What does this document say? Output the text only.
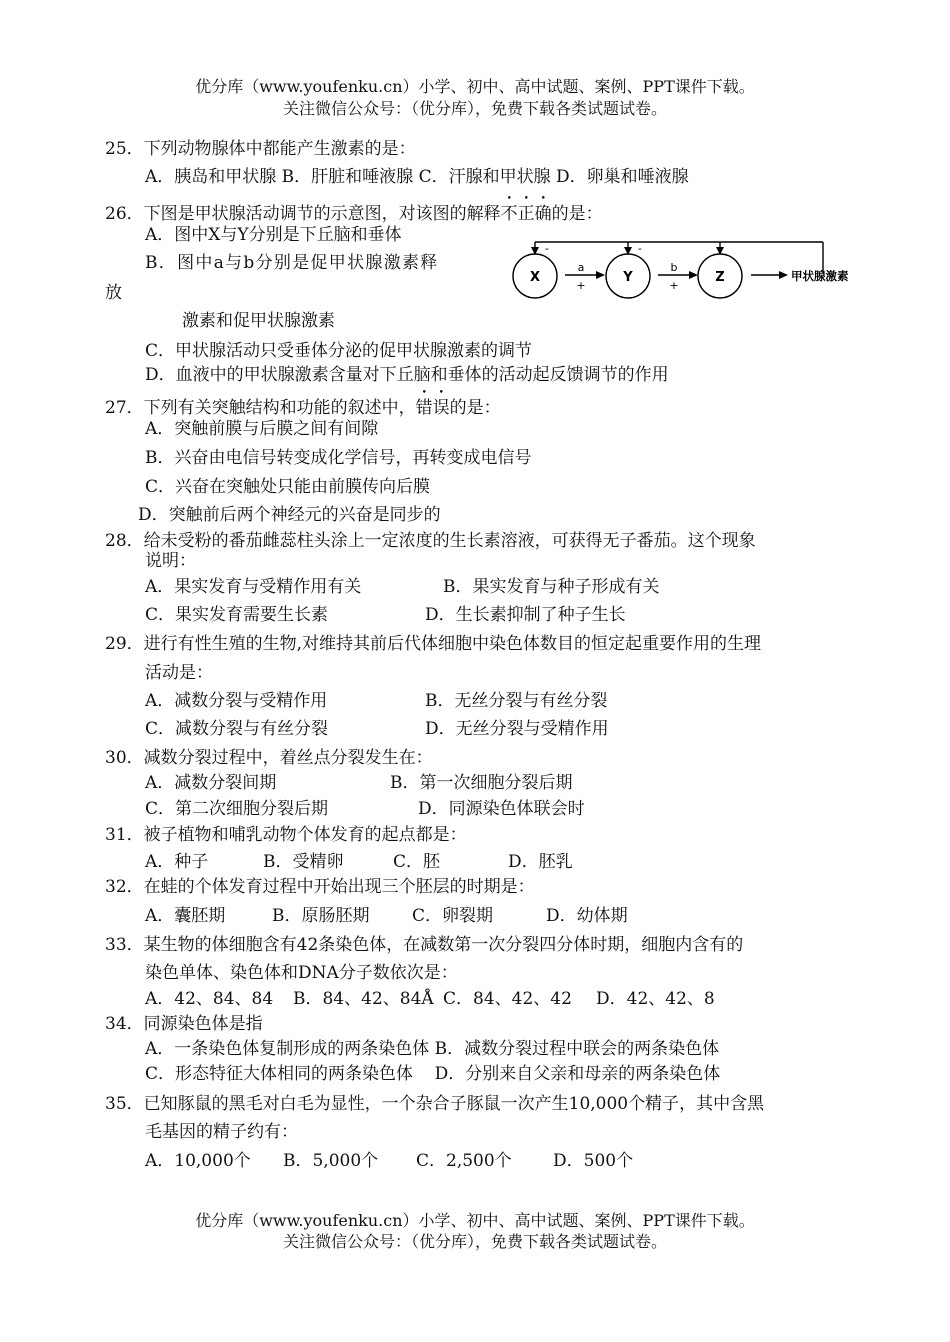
优分库（www.youfenku.cn）小学、初中、高中试题、案例、PPT课件下载。
关注微信公众号：（优分库），免费下载各类试题试卷。
25．下列动物腺体中都能产生激素的是：
A．胰岛和甲状腺 B．肝脏和唾液腺 C．汗腺和甲状腺 D．卵巢和唾液腺
26．下图是甲状腺活动调节的示意图，对该图的解释不正确的是：
A．图中X与Y分别是下丘脑和垂体
B．图中a与b分别是促甲状腺激素释
放
激素和促甲状腺激素
C．甲状腺活动只受垂体分泌的促甲状腺激素的调节
D．血液中的甲状腺激素含量对下丘脑和垂体的活动起反馈调节的作用
X	Y	Z
a	b
+	+
-	-
甲状腺激素
27．下列有关突触结构和功能的叙述中，错误的是：
A．突触前膜与后膜之间有间隙
B．兴奋由电信号转变成化学信号，再转变成电信号
C．兴奋在突触处只能由前膜传向后膜
D．突触前后两个神经元的兴奋是同步的
28．给未受粉的番茄雌蕊柱头涂上一定浓度的生长素溶液，可获得无子番茄。这个现象
说明：
A．果实发育与受精作用有关	B．果实发育与种子形成有关
C．果实发育需要生长素	D．生长素抑制了种子生长
29．进行有性生殖的生物,对维持其前后代体细胞中染色体数目的恒定起重要作用的生理
活动是：
A．减数分裂与受精作用	B．无丝分裂与有丝分裂
C．减数分裂与有丝分裂	D．无丝分裂与受精作用
30．减数分裂过程中，着丝点分裂发生在：
A．减数分裂间期	B．第一次细胞分裂后期
C．第二次细胞分裂后期	D．同源染色体联会时
31．被子植物和哺乳动物个体发育的起点都是：
A．种子	B．受精卵	C．胚	D．胚乳
32．在蛙的个体发育过程中开始出现三个胚层的时期是：
A．囊胚期	B．原肠胚期	C．卵裂期	D．幼体期
33．某生物的体细胞含有42条染色体，在减数第一次分裂四分体时期，细胞内含有的
染色单体、染色体和DNA分子数依次是：
A．42、84、84 B．84、42、84Å C．84、42、42 D．42、42、8
34．同源染色体是指
A．一条染色体复制形成的两条染色体 B．减数分裂过程中联会的两条染色体
C．形态特征大体相同的两条染色体    D．分别来自父亲和母亲的两条染色体
35．已知豚鼠的黑毛对白毛为显性，一个杂合子豚鼠一次产生10,000个精子，其中含黑
毛基因的精子约有：
A．10,000个 B．5,000个 C．2,500个 D．500个
优分库（www.youfenku.cn）小学、初中、高中试题、案例、PPT课件下载。
关注微信公众号：（优分库），免费下载各类试题试卷。
